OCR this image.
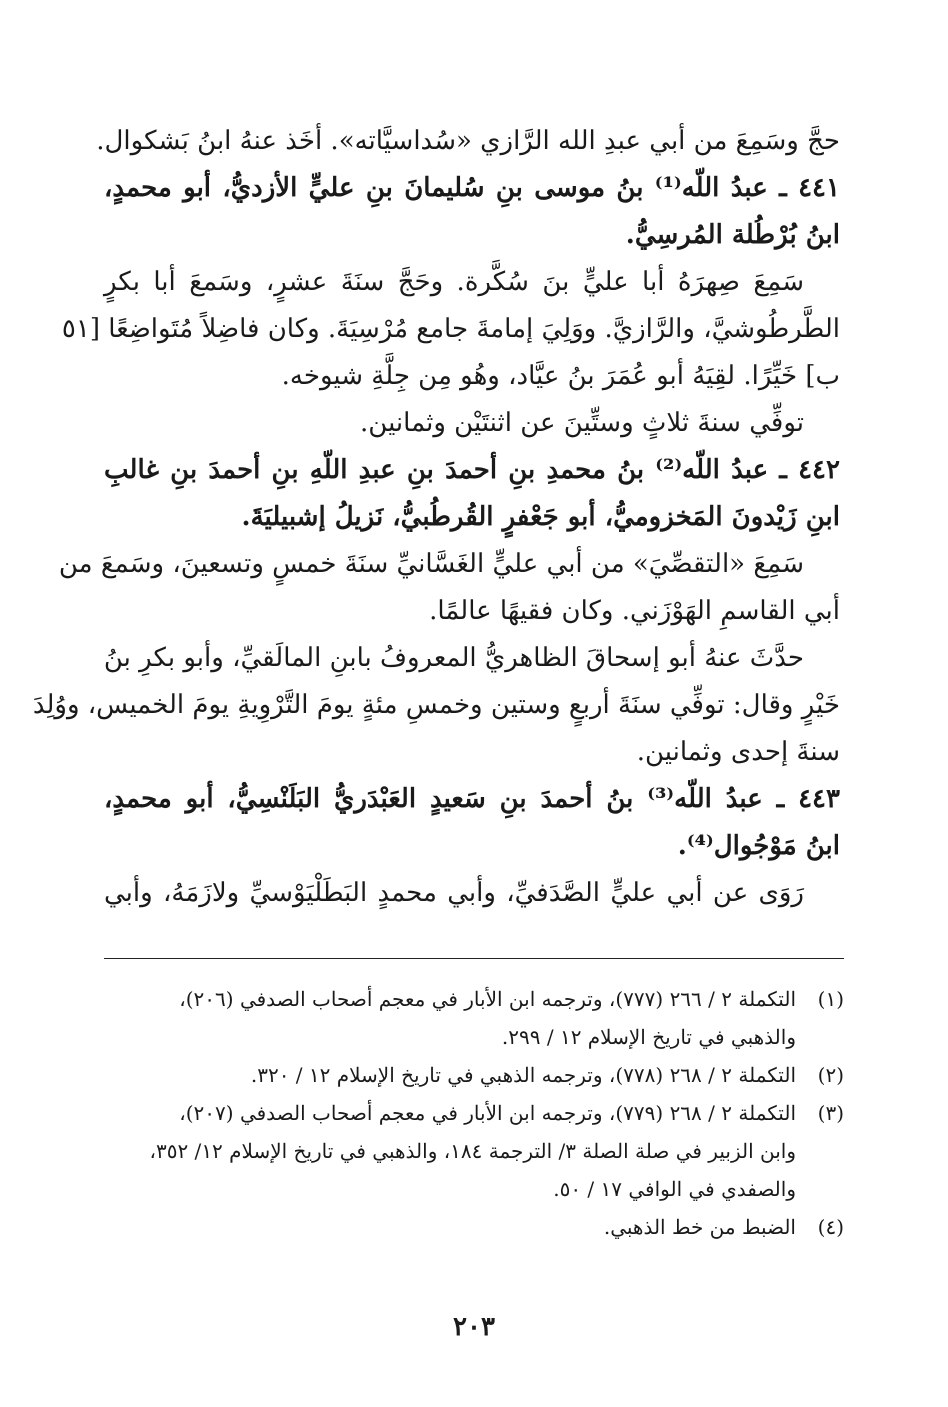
حجَّ وسَمِعَ من أبي عبدِ الله الرَّازي «سُداسيَّاته». أخَذ عنهُ ابنُ بَشكوال.
٤٤١ ـ عبدُ اللّه⁽¹⁾ بنُ موسى بنِ سُليمانَ بنِ عليٍّ الأزديُّ، أبو محمدٍ،
ابنُ بُرْطُلة المُرسِيُّ.
سَمِعَ صِهرَهُ أبا عليٍّ بنَ سُكَّرة. وحَجَّ سنَةَ عشرٍ، وسَمعَ أبا بكرٍ
الطَّرطُوشيَّ، والرَّازيَّ. ووَلِيَ إمامةَ جامع مُرْسِيَةَ. وكان فاضِلاً مُتَواضِعًا [٥١
ب] خَيِّرًا. لقِيَهُ أبو عُمَرَ بنُ عيَّاد، وهُو مِن جِلَّةِ شيوخه.
توفِّي سنةَ ثلاثٍ وستِّينَ عن اثنتَيْن وثمانين.
٤٤٢ ـ عبدُ اللّه⁽²⁾ بنُ محمدِ بنِ أحمدَ بنِ عبدِ اللّهِ بنِ أحمدَ بنِ غالبِ
ابنِ زَيْدونَ المَخزوميُّ، أبو جَعْفرٍ القُرطُبيُّ، نَزيلُ إشبيليَةَ.
سَمِعَ «التقصِّيَ» من أبي عليٍّ الغَسَّانيِّ سنَةَ خمسٍ وتسعينَ، وسَمعَ من
أبي القاسمِ الهَوْزَني. وكان فقيهًا عالمًا.
حدَّثَ عنهُ أبو إسحاقَ الظاهريُّ المعروفُ بابنِ المالَقيِّ، وأبو بكرِ بنُ
خَيْرٍ وقال: توفِّي سنَةَ أربعٍ وستين وخمسِ مئةٍ يومَ التَّرْوِيةِ يومَ الخميس، ووُلِدَ
سنةَ إحدى وثمانين.
٤٤٣ ـ عبدُ اللّه⁽³⁾ بنُ أحمدَ بنِ سَعيدٍ العَبْدَريُّ البَلَنْسِيُّ، أبو محمدٍ،
ابنُ مَوْجُوال⁽⁴⁾.
رَوَى عن أبي عليٍّ الصَّدَفيِّ، وأبي محمدٍ البَطَلْيَوْسيِّ ولازَمَهُ، وأبي
(١)
التكملة ٢ / ٢٦٦ (٧٧٧)، وترجمه ابن الأبار في معجم أصحاب الصدفي (٢٠٦)،
والذهبي في تاريخ الإسلام ١٢ / ٢٩٩.
(٢)
التكملة ٢ / ٢٦٨ (٧٧٨)، وترجمه الذهبي في تاريخ الإسلام ١٢ / ٣٢٠.
(٣)
التكملة ٢ / ٢٦٨ (٧٧٩)، وترجمه ابن الأبار في معجم أصحاب الصدفي (٢٠٧)،
وابن الزبير في صلة الصلة ٣/ الترجمة ١٨٤، والذهبي في تاريخ الإسلام ١٢/ ٣٥٢،
والصفدي في الوافي ١٧ / ٥٠.
(٤)
الضبط من خط الذهبي.
٢٠٣
